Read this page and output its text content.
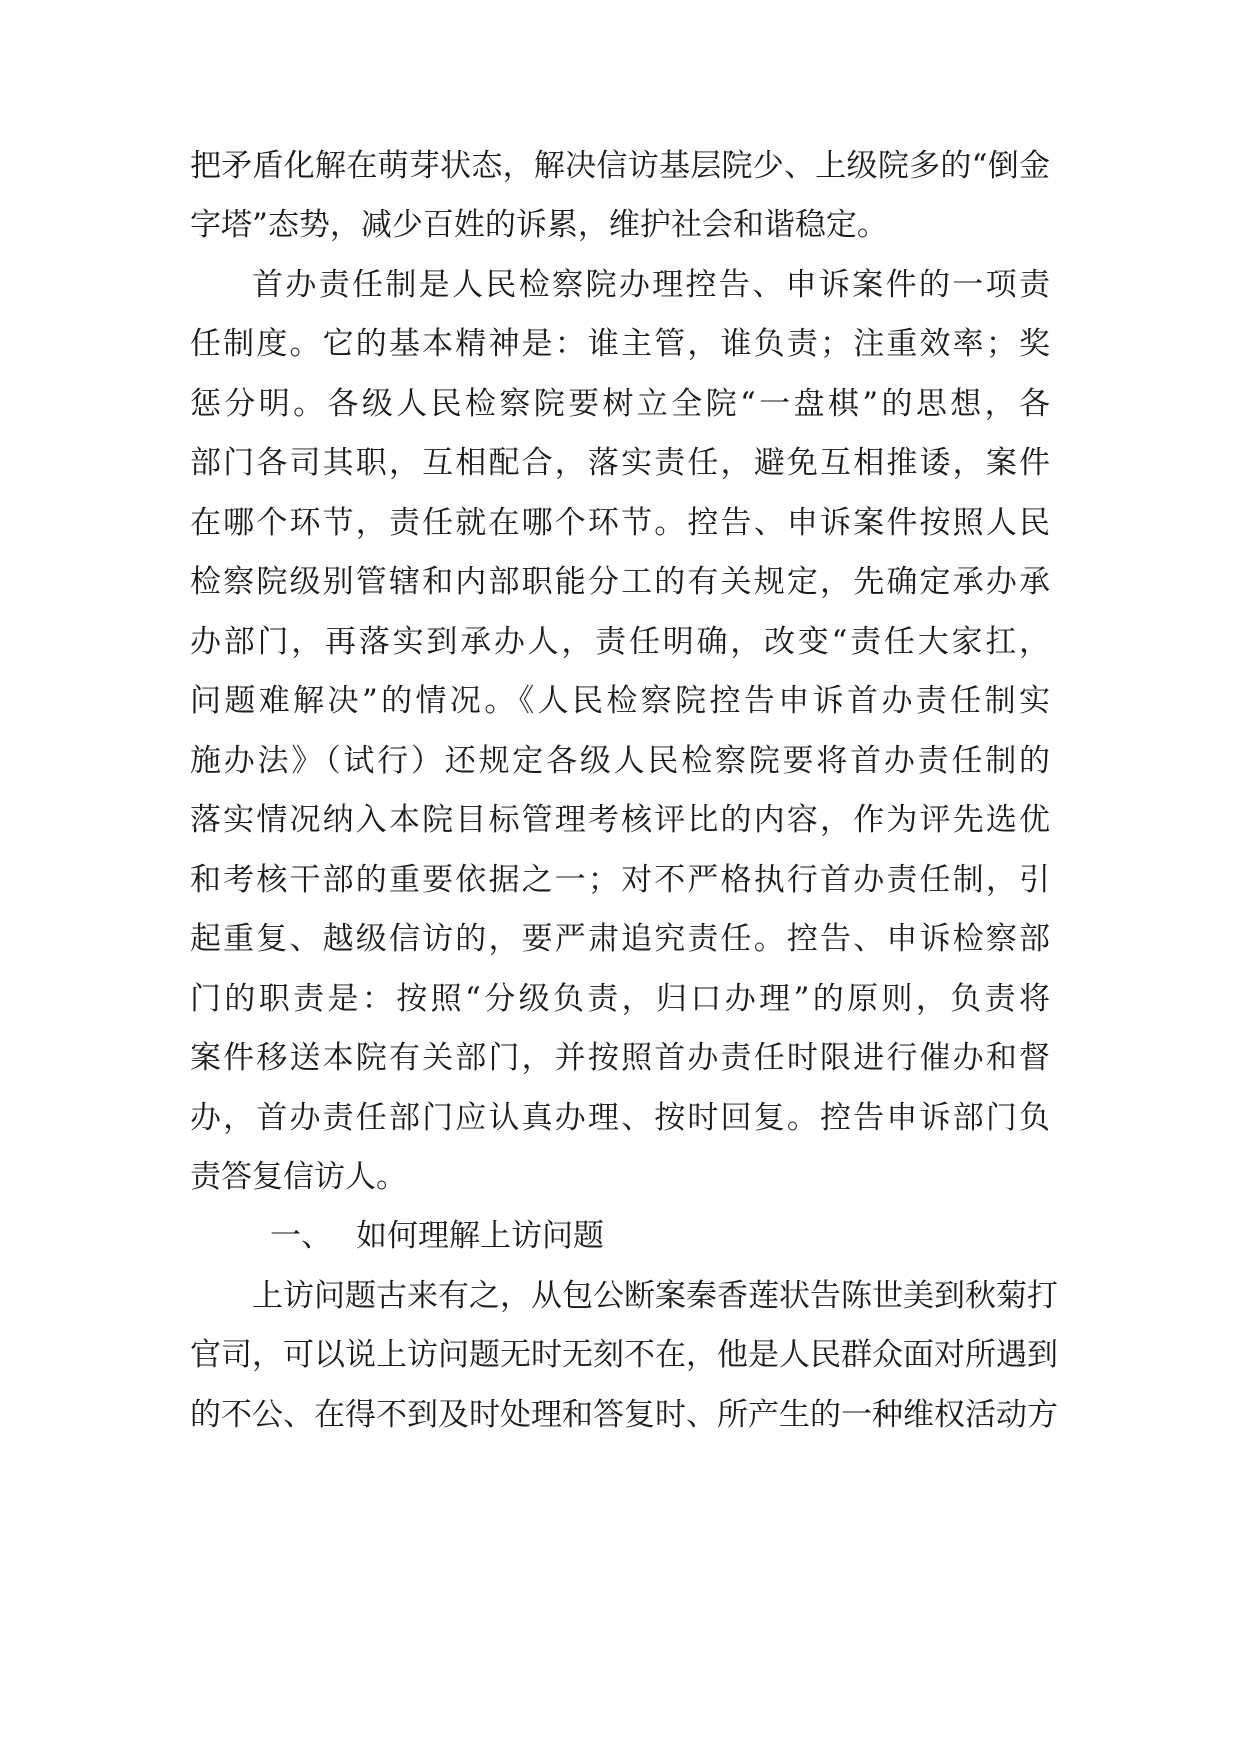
把矛盾化解在萌芽状态，解决信访基层院少、上级院多的“倒金
字塔”态势，减少百姓的诉累，维护社会和谐稳定。
首办责任制是人民检察院办理控告、申诉案件的一项责
任制度。它的基本精神是：谁主管，谁负责；注重效率；奖
惩分明。各级人民检察院要树立全院“一盘棋”的思想，各
部门各司其职，互相配合，落实责任，避免互相推诿，案件
在哪个环节，责任就在哪个环节。控告、申诉案件按照人民
检察院级别管辖和内部职能分工的有关规定，先确定承办承
办部门，再落实到承办人，责任明确，改变“责任大家扛，
问题难解决”的情况。《人民检察院控告申诉首办责任制实
施办法》（试行）还规定各级人民检察院要将首办责任制的
落实情况纳入本院目标管理考核评比的内容，作为评先选优
和考核干部的重要依据之一；对不严格执行首办责任制，引
起重复、越级信访的，要严肃追究责任。控告、申诉检察部
门的职责是：按照“分级负责，归口办理”的原则，负责将
案件移送本院有关部门，并按照首办责任时限进行催办和督
办，首办责任部门应认真办理、按时回复。控告申诉部门负
责答复信访人。
一、 如何理解上访问题
上访问题古来有之，从包公断案秦香莲状告陈世美到秋菊打
官司，可以说上访问题无时无刻不在，他是人民群众面对所遇到
的不公、在得不到及时处理和答复时、所产生的一种维权活动方
